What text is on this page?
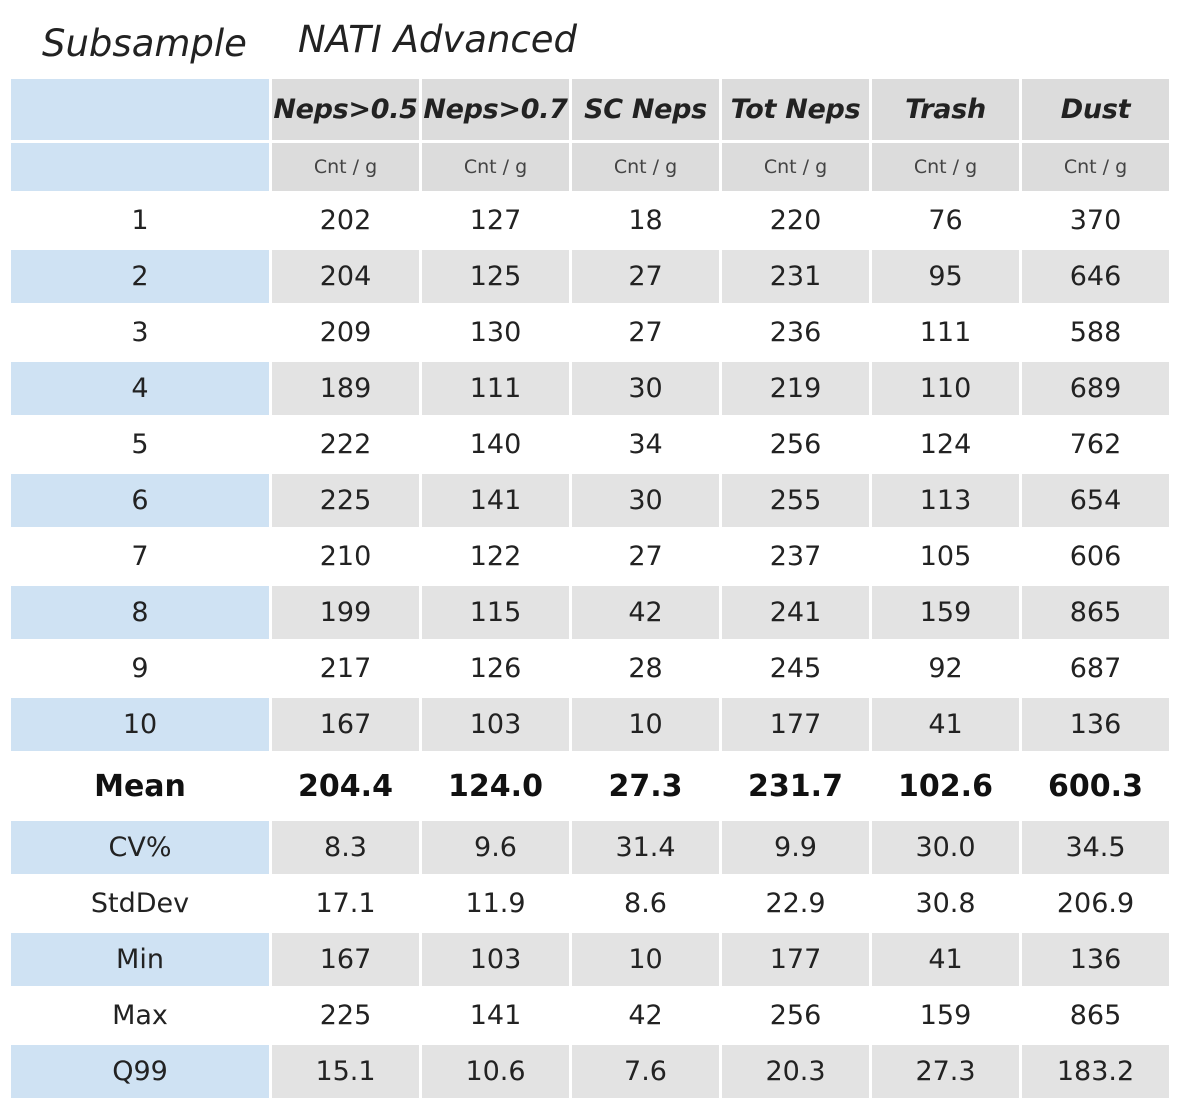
Subsample NATI Advanced
	Neps>0.5	Neps>0.7	SC Neps	Tot Neps	Trash	Dust
	Cnt / g	Cnt / g	Cnt / g	Cnt / g	Cnt / g	Cnt / g
1	202	127	18	220	76	370
2	204	125	27	231	95	646
3	209	130	27	236	111	588
4	189	111	30	219	110	689
5	222	140	34	256	124	762
6	225	141	30	255	113	654
7	210	122	27	237	105	606
8	199	115	42	241	159	865
9	217	126	28	245	92	687
10	167	103	10	177	41	136
Mean	204.4	124.0	27.3	231.7	102.6	600.3
CV%	8.3	9.6	31.4	9.9	30.0	34.5
StdDev	17.1	11.9	8.6	22.9	30.8	206.9
Min	167	103	10	177	41	136
Max	225	141	42	256	159	865
Q99	15.1	10.6	7.6	20.3	27.3	183.2
